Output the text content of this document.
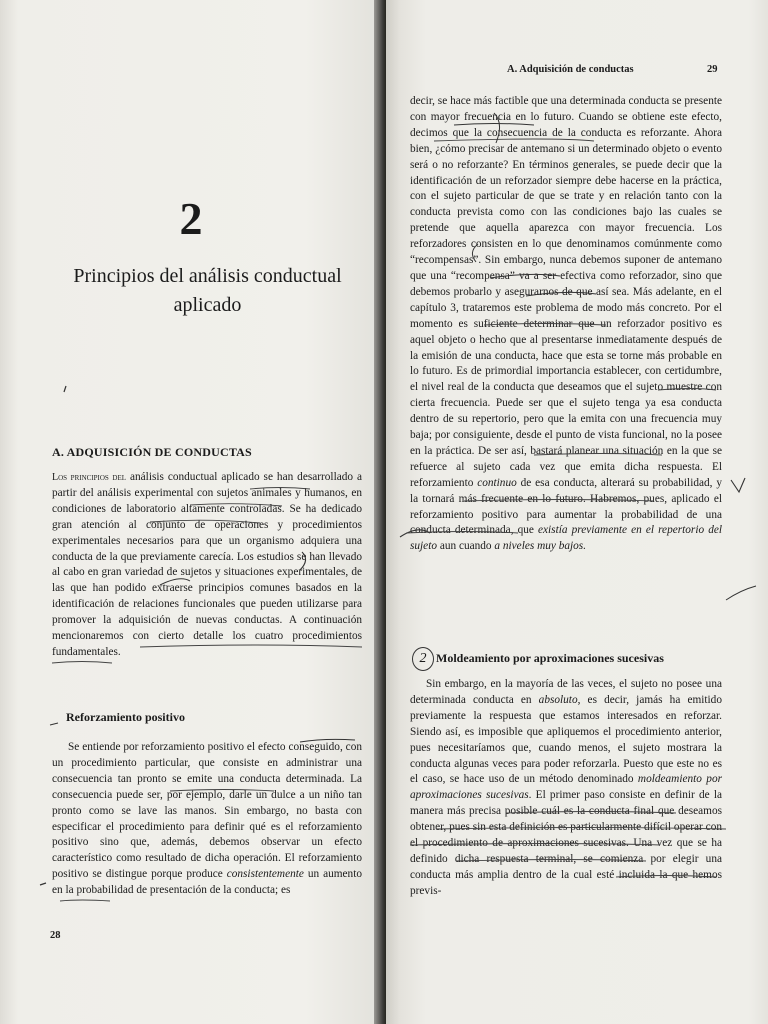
2
Principios del análisis conductual aplicado
A. ADQUISICIÓN DE CONDUCTAS

Los principios del análisis conductual aplicado se han desarrollado a partir del análisis experimental con sujetos animales y humanos, en condiciones de laboratorio altamente controladas. Se ha dedicado gran atención al conjunto de operaciones y procedimientos experimentales necesarios para que un organismo adquiera una conducta de la que previamente carecía. Los estudios se han llevado al cabo en gran variedad de sujetos y situaciones experimentales, de las que han podido extraerse principios comunes basados en la identificación de relaciones funcionales que pueden utilizarse para promover la adquisición de nuevas conductas. A continuación mencionaremos con cierto detalle los cuatro procedimientos fundamentales.

Reforzamiento positivo

Se entiende por reforzamiento positivo el efecto conseguido, con un procedimiento particular, que consiste en administrar una consecuencia tan pronto se emite una conducta determinada. La consecuencia puede ser, por ejemplo, darle un dulce a un niño tan pronto como se lave las manos. Sin embargo, no basta con especificar el procedimiento para definir qué es el reforzamiento positivo sino que, además, debemos observar un efecto característico como resultado de dicha operación. El reforzamiento positivo se distingue porque produce consistentemente un aumento en la probabilidad de presentación de la conducta; es

28
A. Adquisición de conductas	29

decir, se hace más factible que una determinada conducta se presente con mayor frecuencia en lo futuro. Cuando se obtiene este efecto, decimos que la consecuencia de la conducta es reforzante. Ahora bien, ¿cómo precisar de antemano si un determinado objeto o evento será o no reforzante? En términos generales, se puede decir que la identificación de un reforzador siempre debe hacerse en la práctica, con el sujeto particular de que se trate y en relación tanto con la conducta prevista como con las condiciones bajo las cuales se pretende que aquella aparezca con mayor frecuencia. Los reforzadores consisten en lo que denominamos comúnmente como “recompensas”. Sin embargo, nunca debemos suponer de antemano que una “recompensa” va a ser efectiva como reforzador, sino que debemos probarlo y asegurarnos de que así sea. Más adelante, en el capítulo 3, trataremos este problema de modo más concreto. Por el momento es suficiente determinar que un reforzador positivo es aquel objeto o hecho que al presentarse inmediatamente después de la emisión de una conducta, hace que esta se torne más probable en lo futuro. Es de primordial importancia establecer, con certidumbre, el nivel real de la conducta que deseamos que el sujeto muestre con cierta frecuencia. Puede ser que el sujeto tenga ya esa conducta dentro de su repertorio, pero que la emita con una frecuencia muy baja; por consiguiente, desde el punto de vista funcional, no la posee en la práctica. De ser así, bastará planear una situación en la que se refuerce al sujeto cada vez que emita dicha respuesta. El reforzamiento continuo de esa conducta, alterará su probabilidad, y la tornará más frecuente en lo futuro. Habremos, pues, aplicado el reforzamiento positivo para aumentar la probabilidad de una conducta determinada, que existía previamente en el repertorio del sujeto aun cuando a niveles muy bajos.

2 Moldeamiento por aproximaciones sucesivas

Sin embargo, en la mayoría de las veces, el sujeto no posee una determinada conducta en absoluto, es decir, jamás ha emitido previamente la respuesta que estamos interesados en reforzar. Siendo así, es imposible que apliquemos el procedimiento anterior, pues necesitaríamos que, cuando menos, el sujeto mostrara la conducta algunas veces para poder reforzarla. Puesto que este no es el caso, se hace uso de un método denominado moldeamiento por aproximaciones sucesivas. El primer paso consiste en definir de la manera más precisa posible cuál es la conducta final que deseamos obtener, pues sin esta definición es particularmente difícil operar con el procedimiento de aproximaciones sucesivas. Una vez que se ha definido dicha respuesta terminal, se comienza por elegir una conducta más amplia dentro de la cual esté incluida la que hemos previs-
